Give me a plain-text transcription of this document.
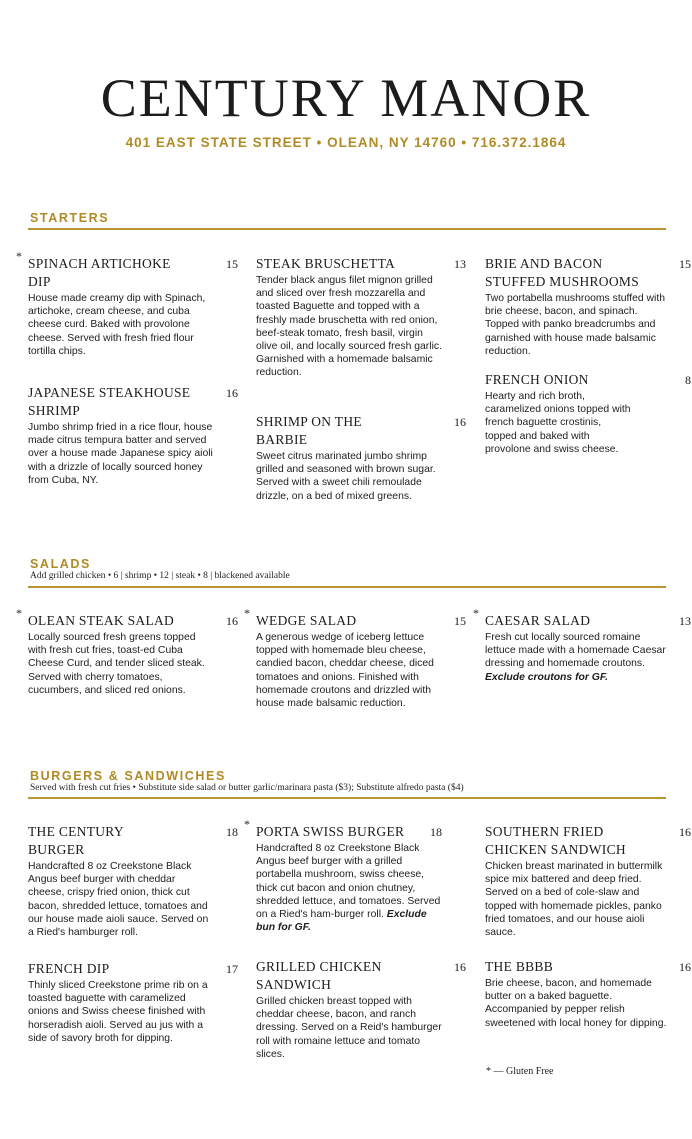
CENTURY MANOR
401 EAST STATE STREET • OLEAN, NY 14760 • 716.372.1864
STARTERS
* SPINACH ARTICHOKE DIP
15
House made creamy dip with Spinach, artichoke, cream cheese, and cuba cheese curd. Baked with provolone cheese. Served with fresh fried flour tortilla chips.
JAPANESE STEAKHOUSE SHRIMP
16
Jumbo shrimp fried in a rice flour, house made citrus tempura batter and served over a house made Japanese spicy aioli with a drizzle of locally sourced honey from Cuba, NY.
STEAK BRUSCHETTA	13
Tender black angus filet mignon grilled and sliced over fresh mozzarella and toasted Baguette and topped with a freshly made bruschetta with red onion, beef-steak tomato, fresh basil, virgin olive oil, and locally sourced fresh garlic. Garnished with a homemade balsamic reduction.
SHRIMP ON THE BARBIE
16
Sweet citrus marinated jumbo shrimp grilled and seasoned with brown sugar. Served with a sweet chili remoulade drizzle, on a bed of mixed greens.
BRIE AND BACON STUFFED MUSHROOMS
15
Two portabella mushrooms stuffed with brie cheese, bacon, and spinach. Topped with panko breadcrumbs and garnished with house made balsamic reduction.
FRENCH ONION	8
Hearty and rich broth, caramelized onions topped with french baguette crostinis, topped and baked with provolone and swiss cheese.
SALADS
Add grilled chicken • 6 | shrimp • 12 | steak • 8 | blackened available
* OLEAN STEAK SALAD	16
Locally sourced fresh greens topped with fresh cut fries, toast-ed Cuba Cheese Curd, and tender sliced steak. Served with cherry tomatoes, cucumbers, and sliced red onions.
* WEDGE SALAD	15
A generous wedge of iceberg lettuce topped with homemade bleu cheese, candied bacon, cheddar cheese, diced tomatoes and onions. Finished with homemade croutons and drizzled with house made balsamic reduction.
* CAESAR SALAD	13
Fresh cut locally sourced romaine lettuce made with a homemade Caesar dressing and homemade croutons. Exclude croutons for GF.
BURGERS & SANDWICHES
Served with fresh cut fries • Substitute side salad or butter garlic/marinara pasta ($3); Substitute alfredo pasta ($4)
THE CENTURY BURGER
18
Handcrafted 8 oz Creekstone Black Angus beef burger with cheddar cheese, crispy fried onion, thick cut bacon, shredded lettuce, tomatoes and our house made aioli sauce. Served on a Ried's hamburger roll.
FRENCH DIP	17
Thinly sliced Creekstone prime rib on a toasted baguette with caramelized onions and Swiss cheese finished with horseradish aioli. Served au jus with a side of savory broth for dipping.
* PORTA SWISS BURGER	18
Handcrafted 8 oz Creekstone Black Angus beef burger with a grilled portabella mushroom, swiss cheese, thick cut bacon and onion chutney, shredded lettuce, and tomatoes. Served on a Ried's ham-burger roll. Exclude bun for GF.
GRILLED CHICKEN SANDWICH
16
Grilled chicken breast topped with cheddar cheese, bacon, and ranch dressing. Served on a Reid's hamburger roll with romaine lettuce and tomato slices.
SOUTHERN FRIED CHICKEN SANDWICH
16
Chicken breast marinated in buttermilk spice mix battered and deep fried. Served on a bed of cole-slaw and topped with homemade pickles, panko fried tomatoes, and our house aioli sauce.
THE BBBB	16
Brie cheese, bacon, and homemade butter on a baked baguette. Accompanied by pepper relish sweetened with local honey for dipping.
* — Gluten Free
